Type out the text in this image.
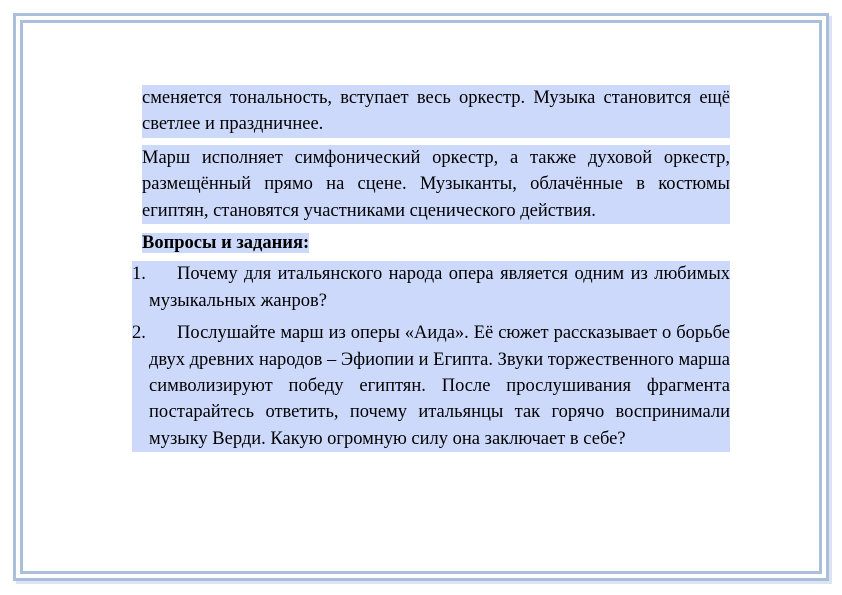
сменяется тональность, вступает весь оркестр. Музыка становится ещё светлее и праздничнее.

Марш исполняет симфонический оркестр, а также духовой оркестр, размещённый прямо на сцене. Музыканты, облачённые в костюмы египтян, становятся участниками сценического действия.

Вопросы и задания:
1.	Почему для итальянского народа опера является одним из любимых музыкальных жанров?
2.	Послушайте марш из оперы «Аида». Её сюжет рассказывает о борьбе двух древних народов – Эфиопии и Египта. Звуки торжественного марша символизируют победу египтян. После прослушивания фрагмента постарайтесь ответить, почему итальянцы так горячо воспринимали музыку Верди. Какую огромную силу она заключает в себе?
